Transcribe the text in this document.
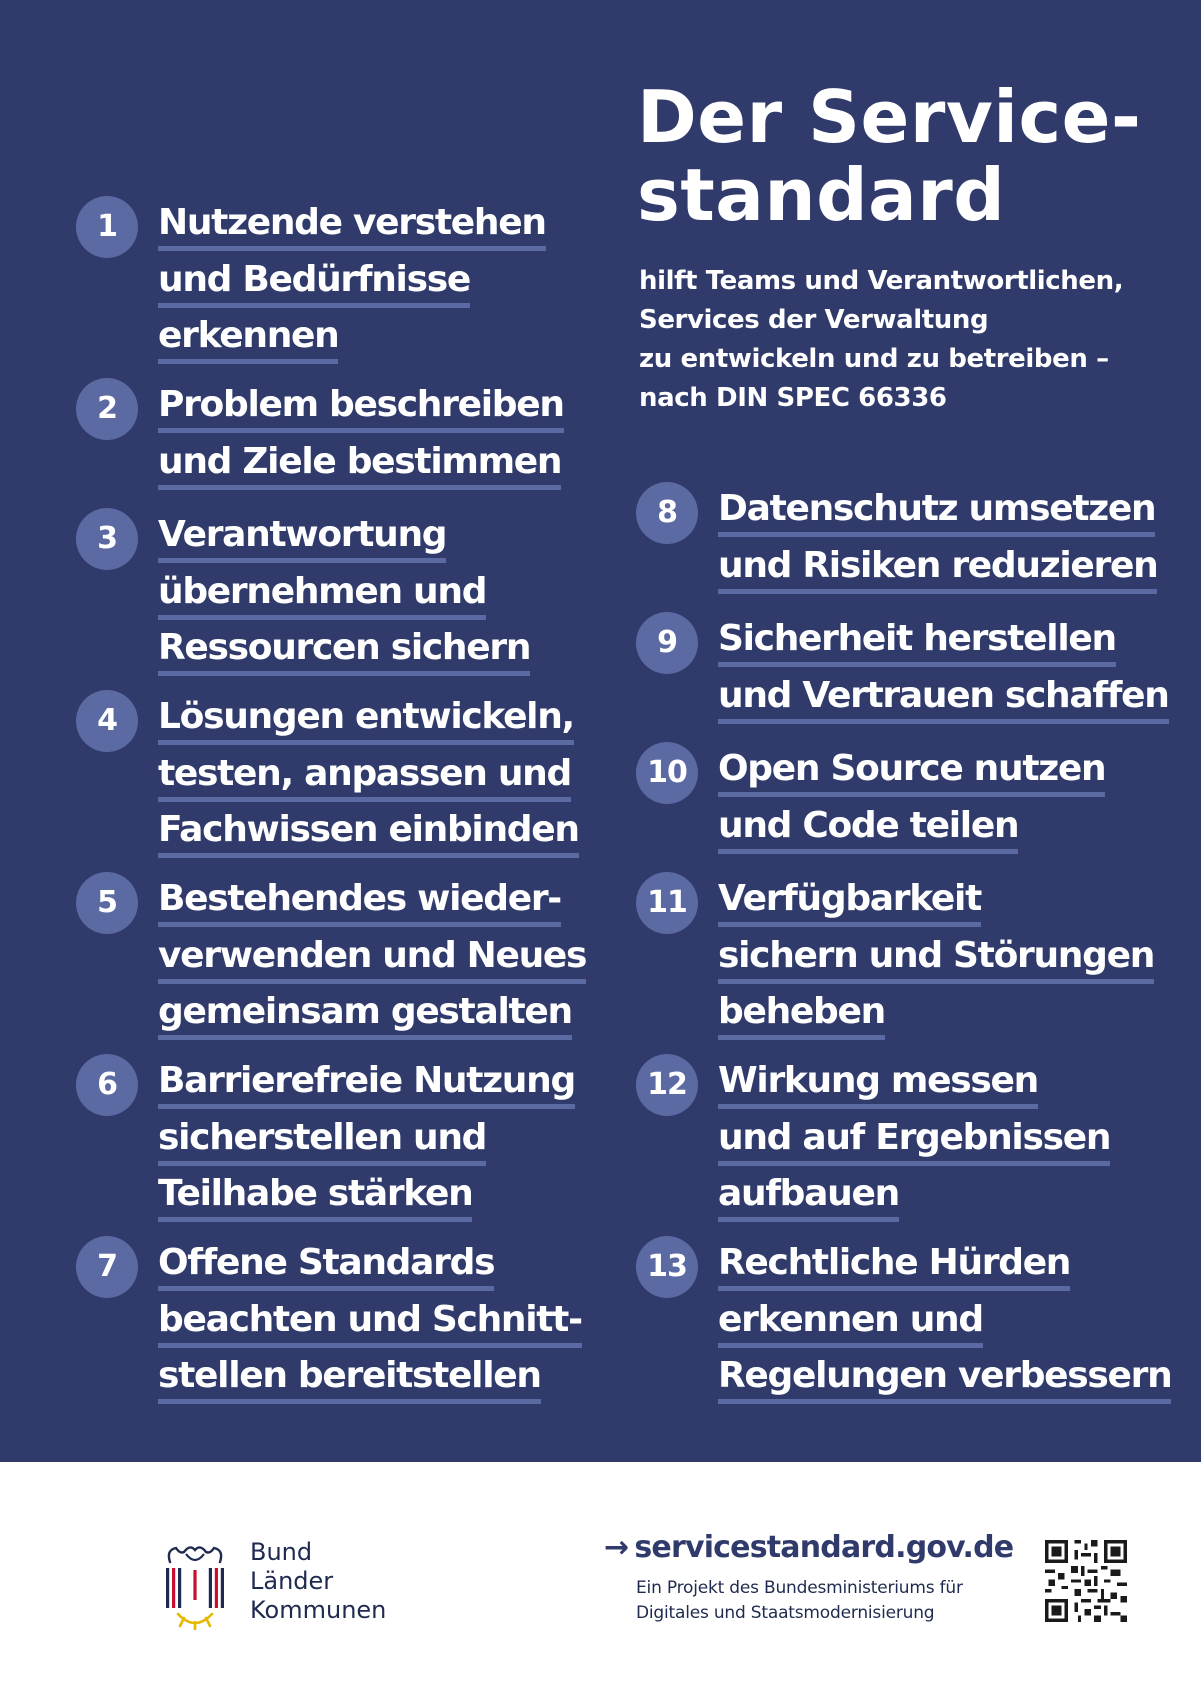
Der Service-
standard
hilft Teams und Verantwortlichen,
Services der Verwaltung
zu entwickeln und zu betreiben –
nach DIN SPEC 66336
1	Nutzende verstehen
und Bedürfnisse
erkennen
2	Problem beschreiben
und Ziele bestimmen
3	Verantwortung
übernehmen und
Ressourcen sichern
4	Lösungen entwickeln,
testen, anpassen und
Fachwissen einbinden
5	Bestehendes wieder-
verwenden und Neues
gemeinsam gestalten
6	Barrierefreie Nutzung
sicherstellen und
Teilhabe stärken
7	Offene Standards
beachten und Schnitt-
stellen bereitstellen
8	Datenschutz umsetzen
und Risiken reduzieren
9	Sicherheit herstellen
und Vertrauen schaffen
10 Open Source nutzen
und Code teilen
11 Verfügbarkeit
sichern und Störungen
beheben
12 Wirkung messen
und auf Ergebnissen
aufbauen
13 Rechtliche Hürden
erkennen und
Regelungen verbessern
Bund
Länder
Kommunen
→ servicestandard.gov.de
Ein Projekt des Bundesministeriums für
Digitales und Staatsmodernisierung
